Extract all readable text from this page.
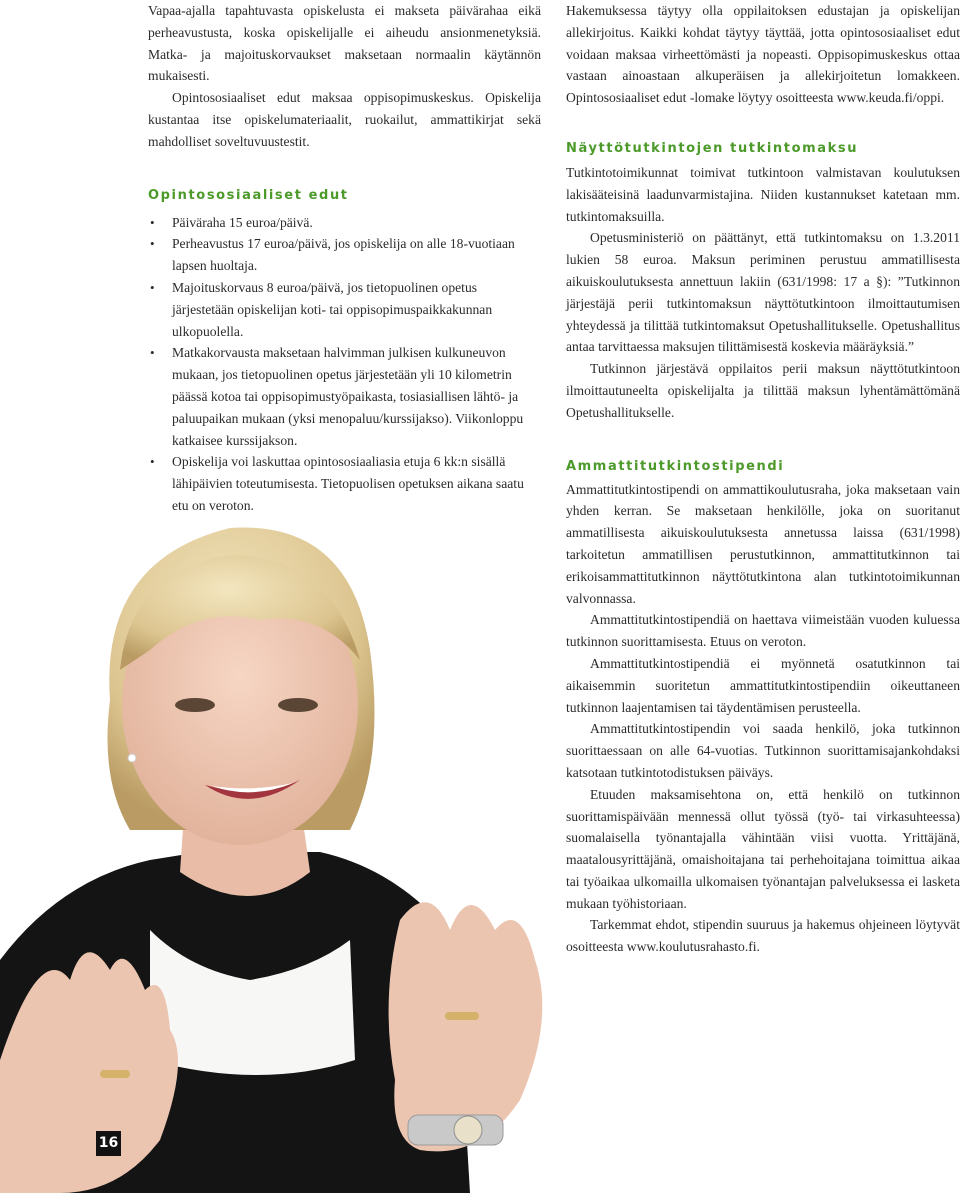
Vapaa-ajalla tapahtuvasta opiskelusta ei makseta päivärahaa eikä perheavustusta, koska opiskelijalle ei aiheudu ansionmenetyksiä. Matka- ja majoituskorvaukset maksetaan normaalin käytännön mukaisesti.

Opintososiaaliset edut maksaa oppisopimuskeskus. Opiskelija kustantaa itse opiskelumateriaalit, ruokailut, ammattikirjat sekä mahdolliset soveltuvuustestit.

Opintososiaaliset edut
• Päiväraha 15 euroa/päivä.
• Perheavustus 17 euroa/päivä, jos opiskelija on alle 18-vuotiaan lapsen huoltaja.
• Majoituskorvaus 8 euroa/päivä, jos tietopuolinen opetus järjestetään opiskelijan koti- tai oppisopimuspaikkakunnan ulkopuolella.
• Matkakorvausta maksetaan halvimman julkisen kulkuneuvon mukaan, jos tietopuolinen opetus järjestetään yli 10 kilometrin päässä kotoa tai oppisopimustyöpaikasta, tosiasiallisen lähtö- ja paluupaikan mukaan (yksi menopaluu/kurssijakso). Viikonloppu katkaisee kurssijakson.
• Opiskelija voi laskuttaa opintososiaaliasia etuja 6 kk:n sisällä lähipäivien toteutumisesta. Tietopuolisen opetuksen aikana saatu etu on veroton.

Hakemuksessa täytyy olla oppilaitoksen edustajan ja opiskelijan allekirjoitus. Kaikki kohdat täytyy täyttää, jotta opintososiaaliset edut voidaan maksaa virheettömästi ja nopeasti. Oppisopimuskeskus ottaa vastaan ainoastaan alkuperäisen ja allekirjoitetun lomakkeen. Opintososiaaliset edut -lomake löytyy osoitteesta www.keuda.fi/oppi.

Näyttötutkintojen tutkintomaksu

Tutkintotoimikunnat toimivat tutkintoon valmistavan koulutuksen lakisääteisinä laadunvarmistajina. Niiden kustannukset katetaan mm. tutkintomaksuilla.

Opetusministeriö on päättänyt, että tutkintomaksu on 1.3.2011 lukien 58 euroa. Maksun periminen perustuu ammatillisesta aikuiskoulutuksesta annettuun lakiin (631/1998: 17 a §): ”Tutkinnon järjestäjä perii tutkintomaksun näyttötutkintoon ilmoittautumisen yhteydessä ja tilittää tutkintomaksut Opetushallitukselle. Opetushallitus antaa tarvittaessa maksujen tilittämisestä koskevia määräyksiä.”

Tutkinnon järjestävä oppilaitos perii maksun näyttötutkintoon ilmoittautuneelta opiskelijalta ja tilittää maksun lyhentämättömänä Opetushallitukselle.

Ammattitutkintostipendi

Ammattitutkintostipendi on ammattikoulutusraha, joka maksetaan vain yhden kerran. Se maksetaan henkilölle, joka on suoritanut ammatillisesta aikuiskoulutuksesta annetussa laissa (631/1998) tarkoitetun ammatillisen perustutkinnon, ammattitutkinnon tai erikoisammattitutkinnon näyttötutkintona alan tutkintotoimikunnan valvonnassa.

Ammattitutkintostipendiä on haettava viimeistään vuoden kuluessa tutkinnon suorittamisesta. Etuus on veroton.

Ammattitutkintostipendiä ei myönnetä osatutkinnon tai aikaisemmin suoritetun ammattitutkintostipendiin oikeuttaneen tutkinnon laajentamisen tai täydentämisen perusteella.

Ammattitutkintostipendin voi saada henkilö, joka tutkinnon suorittaessaan on alle 64-vuotias. Tutkinnon suorittamisajankohdaksi katsotaan tutkintotodistuksen päiväys.

Etuuden maksamisehtona on, että henkilö on tutkinnon suorittamispäivään mennessä ollut työssä (työ- tai virkasuhteessa) suomalaisella työnantajalla vähintään viisi vuotta. Yrittäjänä, maatalousyrittäjänä, omaishoitajana tai perhehoitajana toimittua aikaa tai työaikaa ulkomailla ulkomaisen työnantajan palveluksessa ei lasketa mukaan työhistoriaan.

Tarkemmat ehdot, stipendin suuruus ja hakemus ohjeineen löytyvät osoitteesta www.koulutusrahasto.fi.

16
